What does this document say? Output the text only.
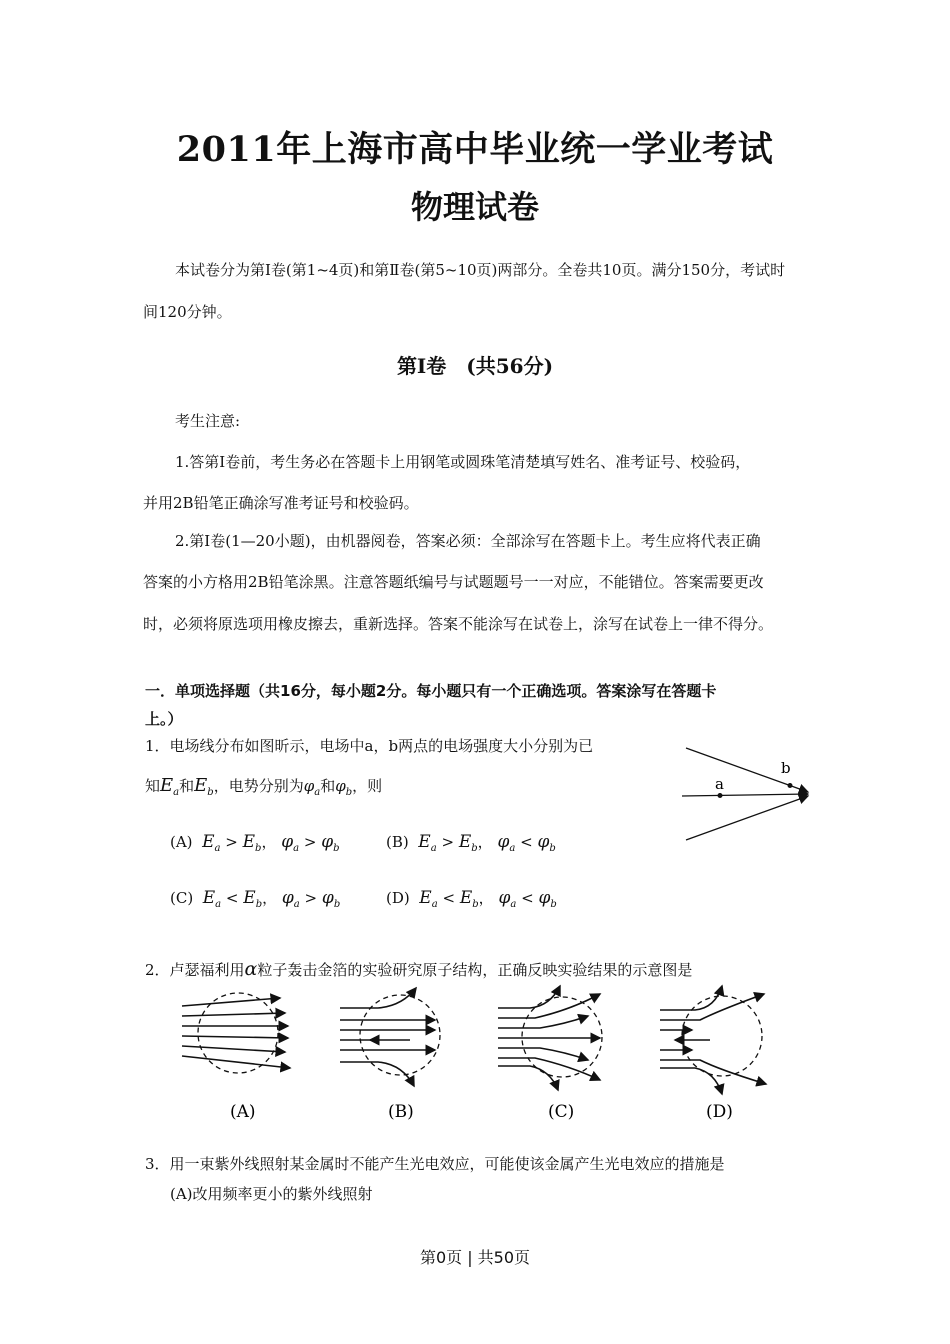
2011年上海市高中毕业统一学业考试
物理试卷
本试卷分为第Ⅰ卷(第1~4页)和第Ⅱ卷(第5~10页)两部分。全卷共10页。满分150分，考试时
间120分钟。
第Ⅰ卷　(共56分)
考生注意:
1.答第Ⅰ卷前，考生务必在答题卡上用钢笔或圆珠笔清楚填写姓名、准考证号、校验码，
并用2B铅笔正确涂写准考证号和校验码。
2.第Ⅰ卷(1—20小题)，由机器阅卷，答案必须：全部涂写在答题卡上。考生应将代表正确
答案的小方格用2B铅笔涂黑。注意答题纸编号与试题题号一一对应，不能错位。答案需要更改
时，必须将原选项用橡皮擦去，重新选择。答案不能涂写在试卷上，涂写在试卷上一律不得分。
一．单项选择题（共16分，每小题2分。每小题只有一个正确选项。答案涂写在答题卡
上。）
1．电场线分布如图昕示，电场中a，b两点的电场强度大小分别为已
知$E_a$和$E_b$，电势分别为$\varphi_a$和$\varphi_b$，则	a
b
(A) $E_a > E_b$， $\varphi_a > \varphi_b$	(B) $E_a > E_b$， $\varphi_a < \varphi_b$
(C) $E_a < E_b$， $\varphi_a > \varphi_b$	(D) $E_a < E_b$， $\varphi_a < \varphi_b$
2．卢瑟福利用α粒子轰击金箔的实验研究原子结构，正确反映实验结果的示意图是
(A)	(B)	(C)	(D)
3．用一束紫外线照射某金属时不能产生光电效应，可能使该金属产生光电效应的措施是
(A)改用频率更小的紫外线照射
第0页 | 共50页
